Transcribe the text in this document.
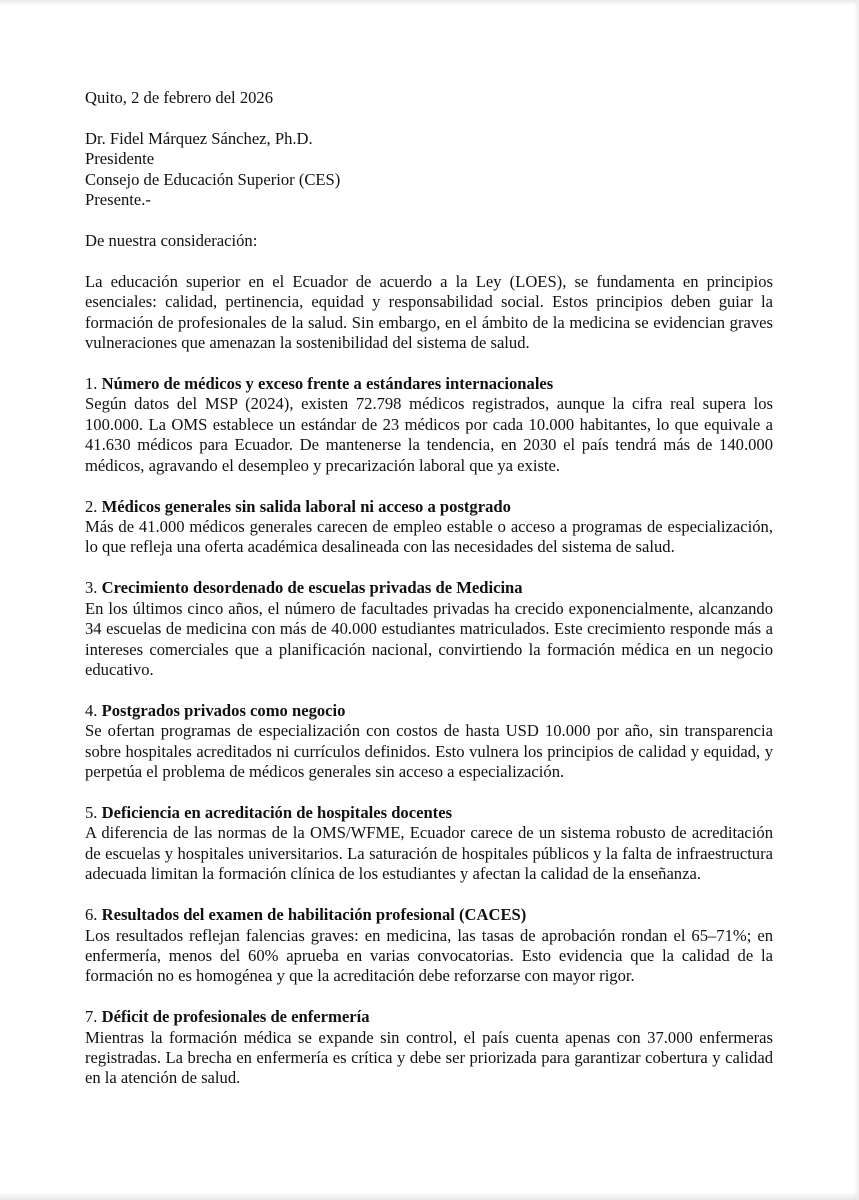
Quito, 2 de febrero del 2026

Dr. Fidel Márquez Sánchez, Ph.D.

Presidente

Consejo de Educación Superior (CES)

Presente.-

De nuestra consideración:

La educación superior en el Ecuador de acuerdo a la Ley (LOES), se fundamenta en principios esenciales: calidad, pertinencia, equidad y responsabilidad social. Estos principios deben guiar la formación de profesionales de la salud. Sin embargo, en el ámbito de la medicina se evidencian graves vulneraciones que amenazan la sostenibilidad del sistema de salud.

1. Número de médicos y exceso frente a estándares internacionales

Según datos del MSP (2024), existen 72.798 médicos registrados, aunque la cifra real supera los 100.000. La OMS establece un estándar de 23 médicos por cada 10.000 habitantes, lo que equivale a 41.630 médicos para Ecuador. De mantenerse la tendencia, en 2030 el país tendrá más de 140.000 médicos, agravando el desempleo y precarización laboral que ya existe.

2. Médicos generales sin salida laboral ni acceso a postgrado

Más de 41.000 médicos generales carecen de empleo estable o acceso a programas de especialización, lo que refleja una oferta académica desalineada con las necesidades del sistema de salud.

3. Crecimiento desordenado de escuelas privadas de Medicina

En los últimos cinco años, el número de facultades privadas ha crecido exponencialmente, alcanzando 34 escuelas de medicina con más de 40.000 estudiantes matriculados. Este crecimiento responde más a intereses comerciales que a planificación nacional, convirtiendo la formación médica en un negocio educativo.

4. Postgrados privados como negocio

Se ofertan programas de especialización con costos de hasta USD 10.000 por año, sin transparencia sobre hospitales acreditados ni currículos definidos. Esto vulnera los principios de calidad y equidad, y perpetúa el problema de médicos generales sin acceso a especialización.

5. Deficiencia en acreditación de hospitales docentes

A diferencia de las normas de la OMS/WFME, Ecuador carece de un sistema robusto de acreditación de escuelas y hospitales universitarios. La saturación de hospitales públicos y la falta de infraestructura adecuada limitan la formación clínica de los estudiantes y afectan la calidad de la enseñanza.

6. Resultados del examen de habilitación profesional (CACES)

Los resultados reflejan falencias graves: en medicina, las tasas de aprobación rondan el 65–71%; en enfermería, menos del 60% aprueba en varias convocatorias. Esto evidencia que la calidad de la formación no es homogénea y que la acreditación debe reforzarse con mayor rigor.

7. Déficit de profesionales de enfermería

Mientras la formación médica se expande sin control, el país cuenta apenas con 37.000 enfermeras registradas. La brecha en enfermería es crítica y debe ser priorizada para garantizar cobertura y calidad en la atención de salud.
